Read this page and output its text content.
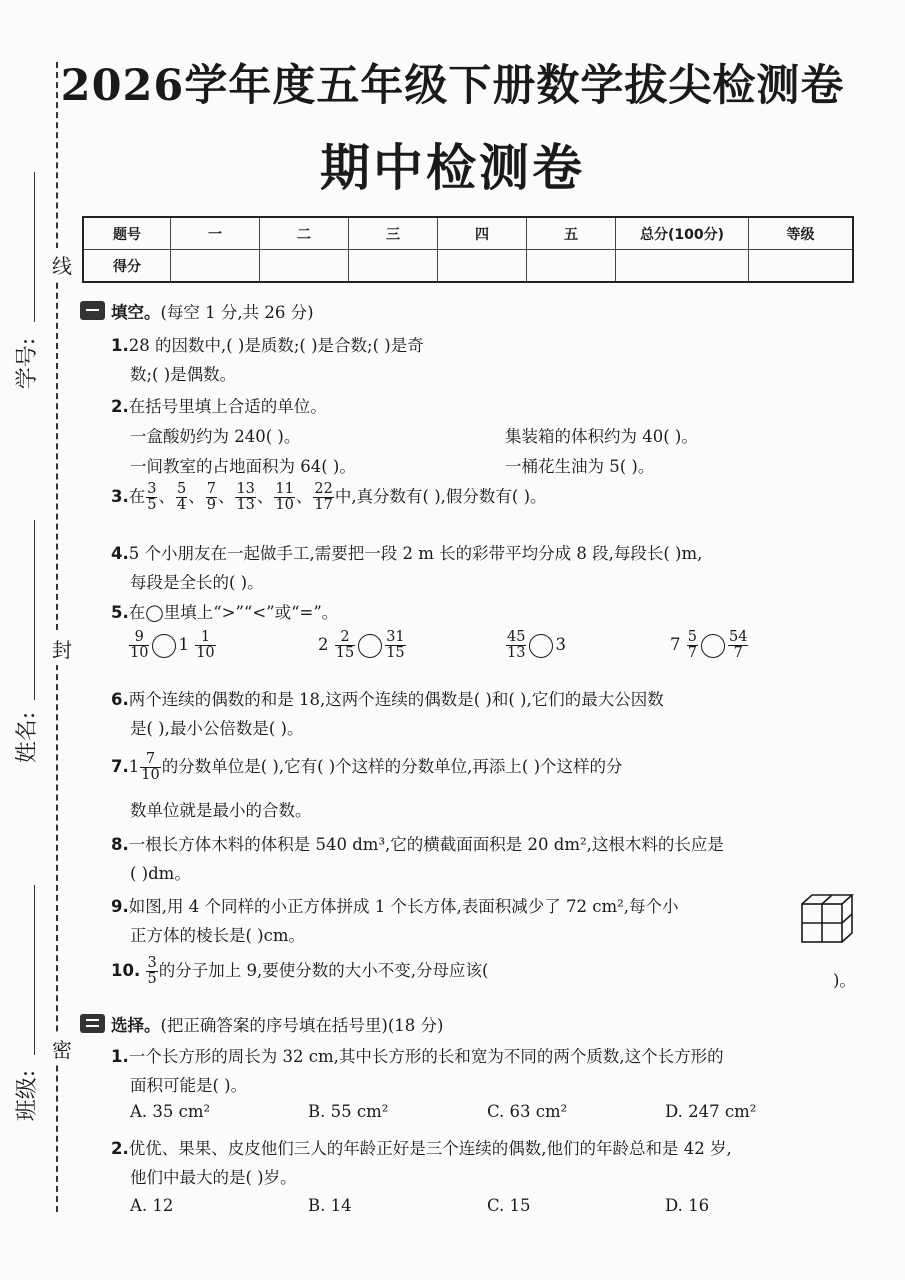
2026学年度五年级下册数学拔尖检测卷
期中检测卷
线
封
密
学号:
姓名:
班级:
题号	一	二	三	四	五	总分(100分)	等级
得分							
填空。(每空 1 分,共 26 分)
1.28 的因数中,( )是质数;( )是合数;( )是奇
数;( )是偶数。
2.在括号里填上合适的单位。
一盒酸奶约为 240( )。	集装箱的体积约为 40( )。
一间教室的占地面积为 64( )。	一桶花生油为 5( )。
3.在 $\frac{3}{5}$ 、 $\frac{5}{4}$ 、 $\frac{7}{9}$ 、 $\frac{13}{13}$ 、 $\frac{11}{10}$ 、 $\frac{22}{17}$ 中,真分数有( ),假分数有( )。
4.5 个小朋友在一起做手工,需要把一段 2 m 长的彩带平均分成 8 段,每段长( )m,
每段是全长的( )。
5.在◯里填上“>”“<”或“=”。
$\frac{9}{10} 1 \frac{1}{10}$	$2 \frac{2}{15} \frac{31}{15}$	$\frac{45}{13} 3$	$7 \frac{5}{7} \frac{54}{7}$
6.两个连续的偶数的和是 18,这两个连续的偶数是( )和( ),它们的最大公因数
是( ),最小公倍数是( )。
$7.1 \frac{7}{10}$ 的分数单位是( ),它有( )个这样的分数单位,再添上( )个这样的分
数单位就是最小的合数。
8.一根长方体木料的体积是 540 dm³,它的横截面面积是 20 dm²,这根木料的长应是
( )dm。
9.如图,用 4 个同样的小正方体拼成 1 个长方体,表面积减少了 72 cm²,每个小
正方体的棱长是( )cm。
10. $\frac{3}{5}$ 的分子加上 9,要使分数的大小不变,分母应该(
)。
选择。(把正确答案的序号填在括号里)(18 分)
1.一个长方形的周长为 32 cm,其中长方形的长和宽为不同的两个质数,这个长方形的
面积可能是( )。
A. 35 cm²	B. 55 cm²	C. 63 cm²	D. 247 cm²
2.优优、果果、皮皮他们三人的年龄正好是三个连续的偶数,他们的年龄总和是 42 岁,
他们中最大的是( )岁。
A. 12	B. 14	C. 15	D. 16
